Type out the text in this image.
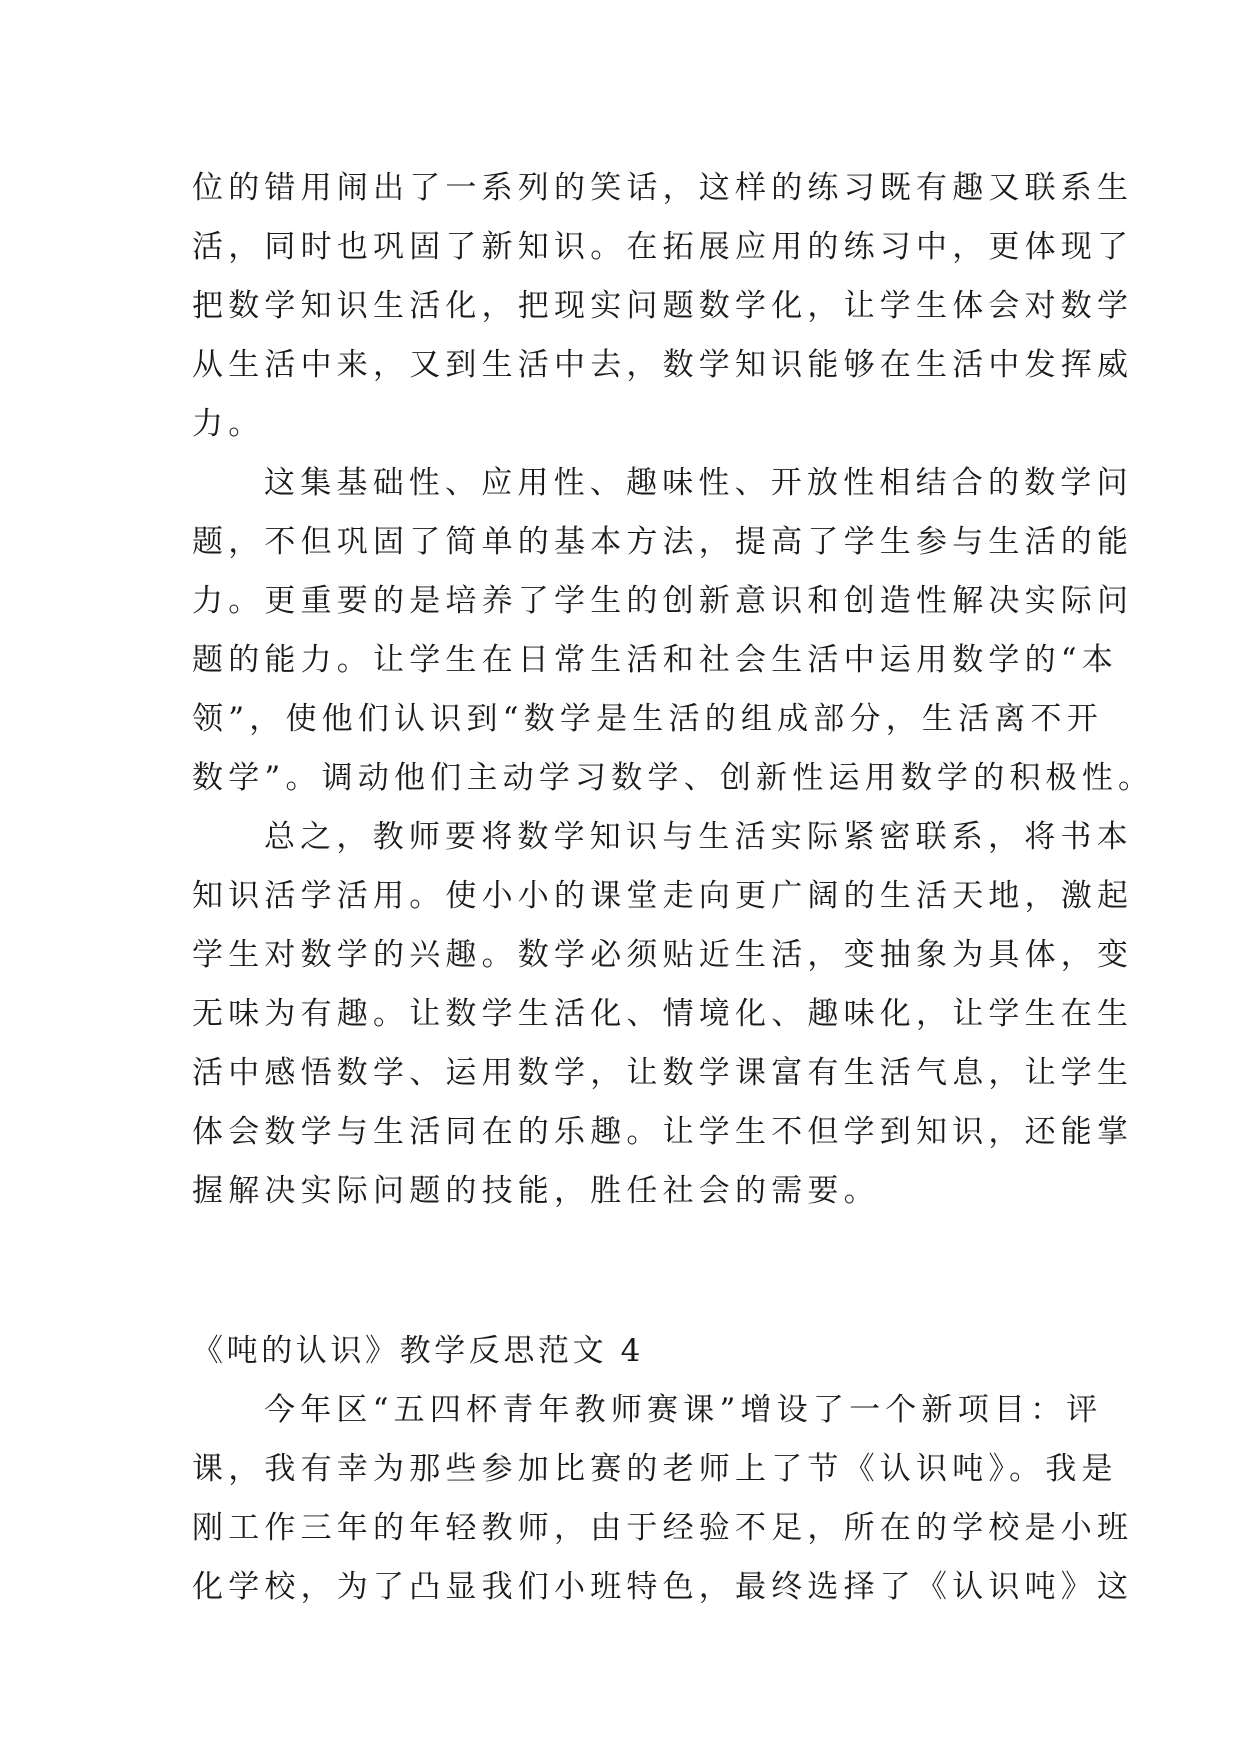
位的错用闹出了一系列的笑话，这样的练习既有趣又联系生
活，同时也巩固了新知识。在拓展应用的练习中，更体现了
把数学知识生活化，把现实问题数学化，让学生体会对数学
从生活中来，又到生活中去，数学知识能够在生活中发挥威
力。
这集基础性、应用性、趣味性、开放性相结合的数学问
题，不但巩固了简单的基本方法，提高了学生参与生活的能
力。更重要的是培养了学生的创新意识和创造性解决实际问
题的能力。让学生在日常生活和社会生活中运用数学的“本
领”，使他们认识到“数学是生活的组成部分，生活离不开
数学”。调动他们主动学习数学、创新性运用数学的积极性。
总之，教师要将数学知识与生活实际紧密联系，将书本
知识活学活用。使小小的课堂走向更广阔的生活天地，激起
学生对数学的兴趣。数学必须贴近生活，变抽象为具体，变
无味为有趣。让数学生活化、情境化、趣味化，让学生在生
活中感悟数学、运用数学，让数学课富有生活气息，让学生
体会数学与生活同在的乐趣。让学生不但学到知识，还能掌
握解决实际问题的技能，胜任社会的需要。
《吨的认识》教学反思范文 4
今年区“五四杯青年教师赛课”增设了一个新项目：评
课，我有幸为那些参加比赛的老师上了节《认识吨》。我是
刚工作三年的年轻教师，由于经验不足，所在的学校是小班
化学校，为了凸显我们小班特色，最终选择了《认识吨》这
